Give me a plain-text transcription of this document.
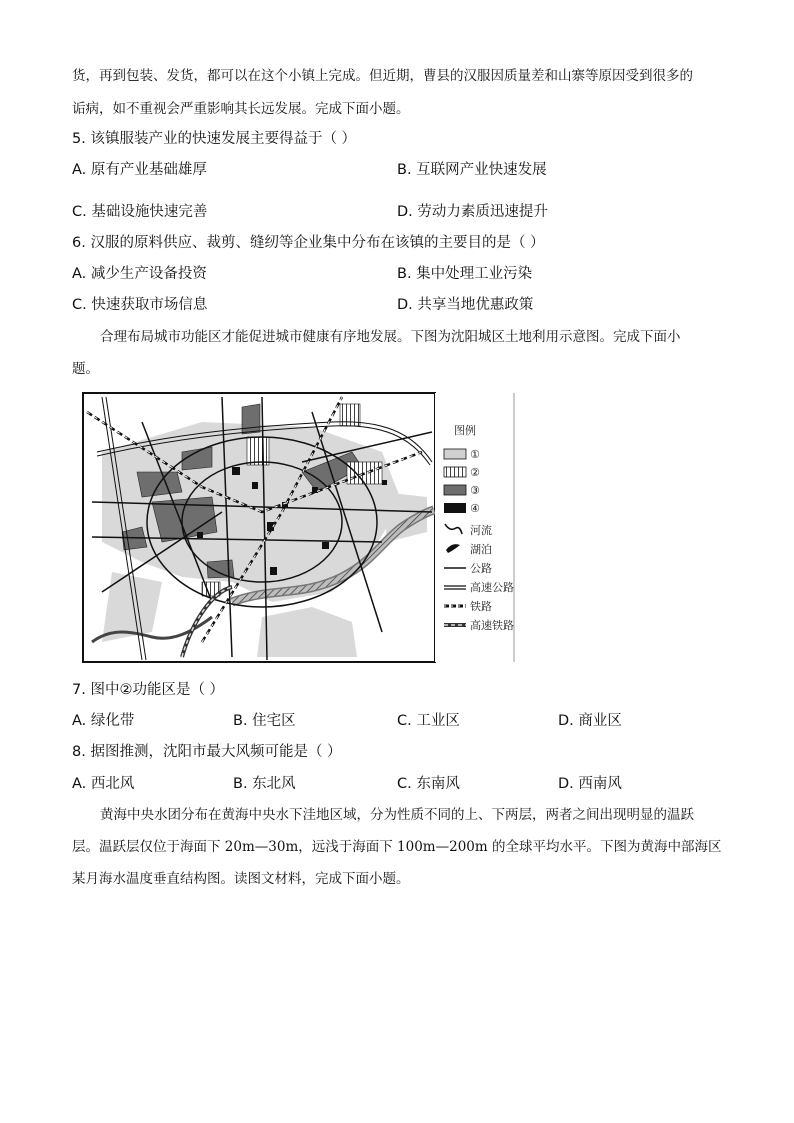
货，再到包装、发货，都可以在这个小镇上完成。但近期，曹县的汉服因质量差和山寨等原因受到很多的
诟病，如不重视会严重影响其长远发展。完成下面小题。
5. 该镇服装产业的快速发展主要得益于（ ）
A. 原有产业基础雄厚	B. 互联网产业快速发展
C. 基础设施快速完善	D. 劳动力素质迅速提升
6. 汉服的原料供应、裁剪、缝纫等企业集中分布在该镇的主要目的是（ ）
A. 减少生产设备投资	B. 集中处理工业污染
C. 快速获取市场信息	D. 共享当地优惠政策
合理布局城市功能区才能促进城市健康有序地发展。下图为沈阳城区土地利用示意图。完成下面小
题。
图例
①
②
③
④
河流
湖泊
公路
高速公路
铁路
高速铁路
7. 图中②功能区是（ ）
A. 绿化带	B. 住宅区	C. 工业区	D. 商业区
8. 据图推测，沈阳市最大风频可能是（ ）
A. 西北风	B. 东北风	C. 东南风	D. 西南风
黄海中央水团分布在黄海中央水下洼地区域，分为性质不同的上、下两层，两者之间出现明显的温跃
层。温跃层仅位于海面下 20m—30m，远浅于海面下 100m—200m 的全球平均水平。下图为黄海中部海区
某月海水温度垂直结构图。读图文材料，完成下面小题。
